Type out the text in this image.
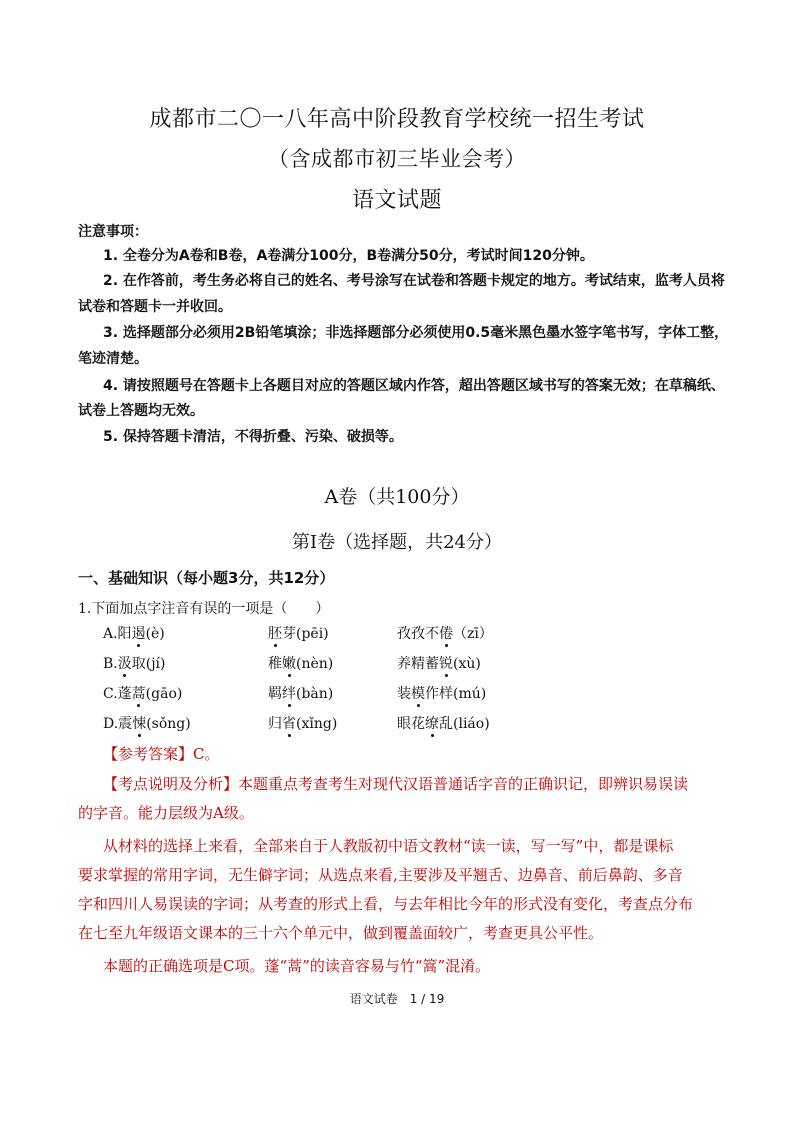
成都市二〇一八年高中阶段教育学校统一招生考试
（含成都市初三毕业会考）
语文试题
注意事项：
1. 全卷分为A卷和B卷，A卷满分100分，B卷满分50分，考试时间120分钟。
2. 在作答前，考生务必将自己的姓名、考号涂写在试卷和答题卡规定的地方。考试结束，监考人员将
试卷和答题卡一并收回。
3. 选择题部分必须用2B铅笔填涂；非选择题部分必须使用0.5毫米黑色墨水签字笔书写，字体工整，
笔迹清楚。
4. 请按照题号在答题卡上各题目对应的答题区域内作答，超出答题区域书写的答案无效；在草稿纸、
试卷上答题均无效。
5. 保持答题卡清洁，不得折叠、污染、破损等。
A卷（共100分）
第Ⅰ卷（选择题，共24分）
一、基础知识（每小题3分，共12分）
1.下面加点字注音有误的一项是（　　）
A.阳遏(è)	胚芽(pēi)	孜孜不倦（zī）
B.汲取(jí)	稚嫩(nèn)	养精蓄锐(xù)
C.蓬蒿(gāo)	羁绊(bàn)	装模作样(mú)
D.震悚(sǒng)	归省(xǐng)	眼花缭乱(liáo)
【参考答案】C。
【考点说明及分析】本题重点考查考生对现代汉语普通话字音的正确识记，即辨识易误读
的字音。能力层级为A级。
从材料的选择上来看，全部来自于人教版初中语文教材“读一读，写一写”中，都是课标
要求掌握的常用字词，无生僻字词；从选点来看,主要涉及平翘舌、边鼻音、前后鼻韵、多音
字和四川人易误读的字词；从考查的形式上看，与去年相比今年的形式没有变化，考查点分布
在七至九年级语文课本的三十六个单元中，做到覆盖面较广，考查更具公平性。
本题的正确选项是C项。蓬“蒿”的读音容易与竹“篙”混淆。
语文试卷　1 / 19
